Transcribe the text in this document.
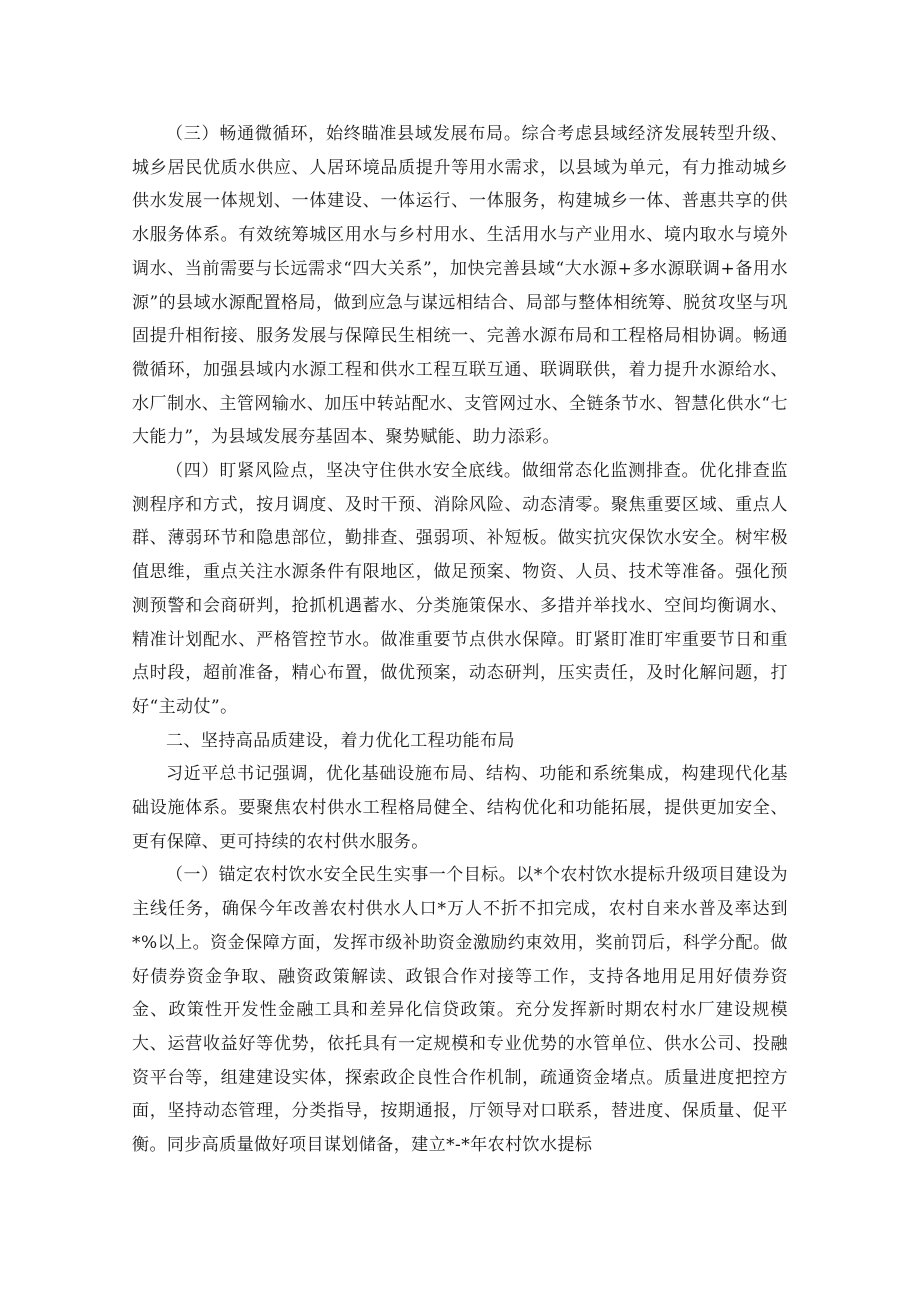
（三）畅通微循环，始终瞄准县域发展布局。综合考虑县域经济发展转型升级、城乡居民优质水供应、人居环境品质提升等用水需求，以县域为单元，有力推动城乡供水发展一体规划、一体建设、一体运行、一体服务，构建城乡一体、普惠共享的供水服务体系。有效统筹城区用水与乡村用水、生活用水与产业用水、境内取水与境外调水、当前需要与长远需求“四大关系”，加快完善县域“大水源+多水源联调+备用水源”的县域水源配置格局，做到应急与谋远相结合、局部与整体相统筹、脱贫攻坚与巩固提升相衔接、服务发展与保障民生相统一、完善水源布局和工程格局相协调。畅通微循环，加强县域内水源工程和供水工程互联互通、联调联供，着力提升水源给水、水厂制水、主管网输水、加压中转站配水、支管网过水、全链条节水、智慧化供水“七大能力”，为县域发展夯基固本、聚势赋能、助力添彩。

（四）盯紧风险点，坚决守住供水安全底线。做细常态化监测排查。优化排查监测程序和方式，按月调度、及时干预、消除风险、动态清零。聚焦重要区域、重点人群、薄弱环节和隐患部位，勤排查、强弱项、补短板。做实抗灾保饮水安全。树牢极值思维，重点关注水源条件有限地区，做足预案、物资、人员、技术等准备。强化预测预警和会商研判，抢抓机遇蓄水、分类施策保水、多措并举找水、空间均衡调水、精准计划配水、严格管控节水。做准重要节点供水保障。盯紧盯准盯牢重要节日和重点时段，超前准备，精心布置，做优预案，动态研判，压实责任，及时化解问题，打好“主动仗”。

二、坚持高品质建设，着力优化工程功能布局

习近平总书记强调，优化基础设施布局、结构、功能和系统集成，构建现代化基础设施体系。要聚焦农村供水工程格局健全、结构优化和功能拓展，提供更加安全、更有保障、更可持续的农村供水服务。

（一）锚定农村饮水安全民生实事一个目标。以*个农村饮水提标升级项目建设为主线任务，确保今年改善农村供水人口*万人不折不扣完成，农村自来水普及率达到*%以上。资金保障方面，发挥市级补助资金激励约束效用，奖前罚后，科学分配。做好债券资金争取、融资政策解读、政银合作对接等工作，支持各地用足用好债券资金、政策性开发性金融工具和差异化信贷政策。充分发挥新时期农村水厂建设规模大、运营收益好等优势，依托具有一定规模和专业优势的水管单位、供水公司、投融资平台等，组建建设实体，探索政企良性合作机制，疏通资金堵点。质量进度把控方面，坚持动态管理，分类指导，按期通报，厅领导对口联系，替进度、保质量、促平衡。同步高质量做好项目谋划储备，建立*-*年农村饮水提标
